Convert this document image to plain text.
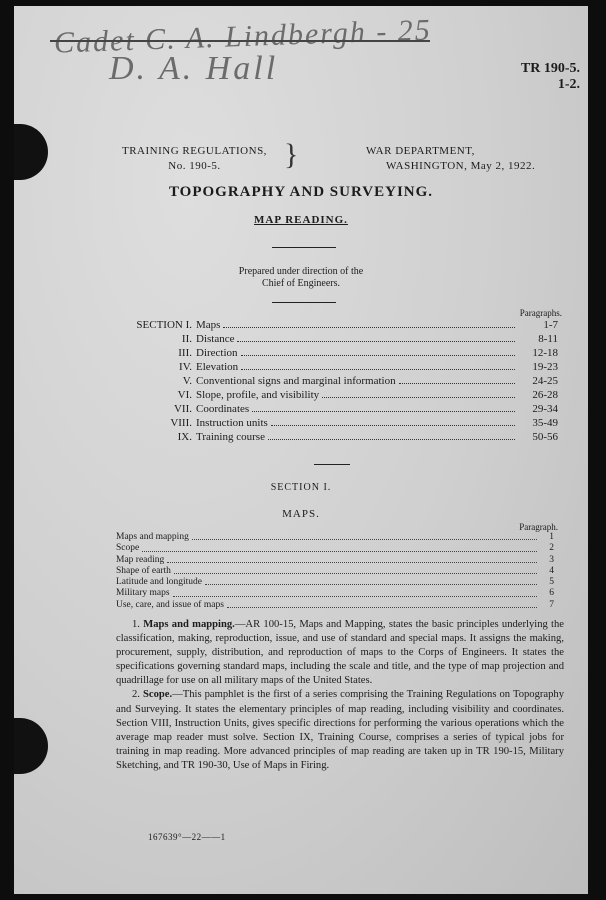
Cadet C. A. Lindbergh - 25
D. A. Hall	TR 190-5.
1-2.
TRAINING REGULATIONS,
No. 190-5.	}	WAR DEPARTMENT,
WASHINGTON, May 2, 1922.
TOPOGRAPHY AND SURVEYING.
MAP READING.
Prepared under direction of the
Chief of Engineers.
Paragraphs.
SECTION I. Maps	1-7
II. Distance	8-11
III. Direction	12-18
IV. Elevation	19-23
V. Conventional signs and marginal information	24-25
VI. Slope, profile, and visibility	26-28
VII. Coordinates	29-34
VIII. Instruction units	35-49
IX. Training course	50-56
SECTION I.
MAPS.
Paragraph.
Maps and mapping	1
Scope	2
Map reading	3
Shape of earth	4
Latitude and longitude	5
Military maps	6
Use, care, and issue of maps	7

1. Maps and mapping.—AR 100-15, Maps and Mapping, states the basic principles underlying the classification, making, reproduction, issue, and use of standard and special maps. It assigns the making, procurement, supply, distribution, and reproduction of maps to the Corps of Engineers. It states the specifications governing standard maps, including the scale and title, and the type of map projection and quadrillage for use on all military maps of the United States.

2. Scope.—This pamphlet is the first of a series comprising the Training Regulations on Topography and Surveying. It states the elementary principles of map reading, including visibility and coordinates. Section VIII, Instruction Units, gives specific directions for performing the various operations which the average map reader must solve. Section IX, Training Course, comprises a series of typical jobs for training in map reading. More advanced principles of map reading are taken up in TR 190-15, Military Sketching, and TR 190-30, Use of Maps in Firing.

167639°—22——1
